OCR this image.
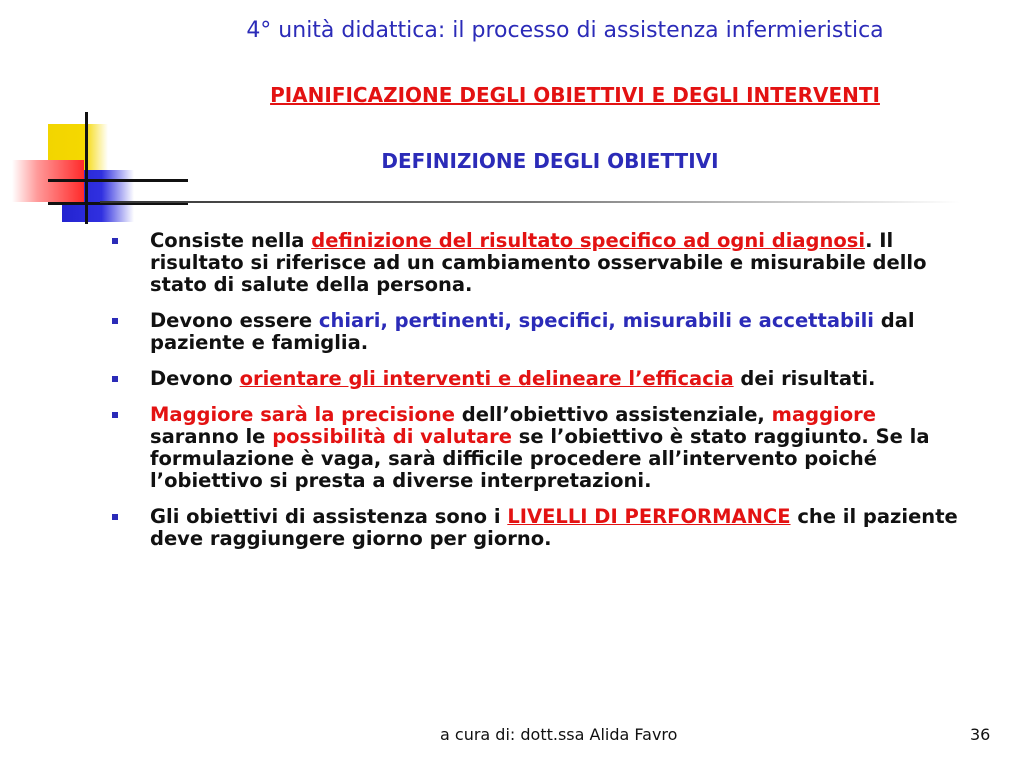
4° unità didattica: il processo di assistenza infermieristica
PIANIFICAZIONE DEGLI OBIETTIVI E DEGLI INTERVENTI
DEFINIZIONE DEGLI OBIETTIVI
Consiste nella definizione del risultato specifico ad ogni diagnosi. Il risultato si riferisce ad un cambiamento osservabile e misurabile dello stato di salute della persona.
Devono essere chiari, pertinenti, specifici, misurabili e accettabili dal paziente e famiglia.
Devono orientare gli interventi e delineare l’efficacia dei risultati.
Maggiore sarà la precisione dell’obiettivo assistenziale, maggiore saranno le possibilità di valutare se l’obiettivo è stato raggiunto. Se la formulazione è vaga, sarà difficile procedere all’intervento poiché l’obiettivo si presta a diverse interpretazioni.
Gli obiettivi di assistenza sono i LIVELLI DI PERFORMANCE che il paziente deve raggiungere giorno per giorno.
a cura di: dott.ssa Alida Favro	36
